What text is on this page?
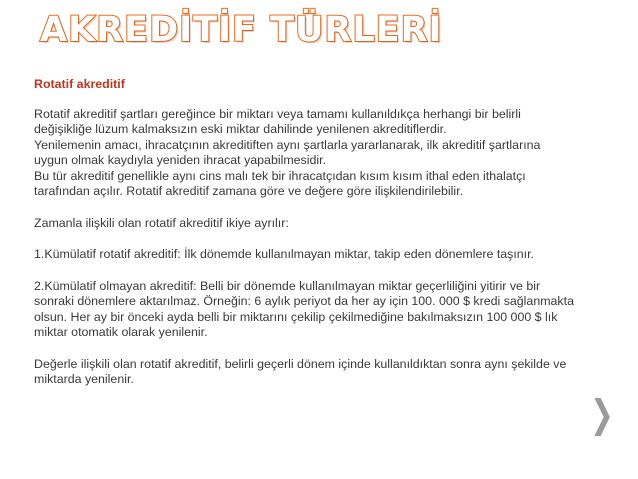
AKREDİTİF TÜRLERİ

Rotatif akreditif

Rotatif akreditif şartları gereğince bir miktarı veya tamamı kullanıldıkça herhangi bir belirli değişikliğe lüzum kalmaksızın eski miktar dahilinde yenilenen akreditiflerdir.

Yenilemenin amacı, ihracatçının akreditiften aynı şartlarla yararlanarak, ilk akreditif şartlarına uygun olmak kaydıyla yeniden ihracat yapabilmesidir.

Bu tür akreditif genellikle aynı cins malı tek bir ihracatçıdan kısım kısım ithal eden ithalatçı tarafından açılır. Rotatif akreditif zamana göre ve değere göre ilişkilendirilebilir.

Zamanla ilişkili olan rotatif akreditif ikiye ayrılır:

1.Kümülatif rotatif akreditif: İlk dönemde kullanılmayan miktar, takip eden dönemlere taşınır.

2.Kümülatif olmayan akreditif: Belli bir dönemde kullanılmayan miktar geçerliliğini yitirir ve bir sonraki dönemlere aktarılmaz. Örneğin: 6 aylık periyot da her ay için 100. 000 $ kredi sağlanmakta olsun. Her ay bir önceki ayda belli bir miktarını çekilip çekilmediğine bakılmaksızın 100 000 $ lık miktar otomatik olarak yenilenir.

Değerle ilişkili olan rotatif akreditif, belirli geçerli dönem içinde kullanıldıktan sonra aynı şekilde ve miktarda yenilenir.

❯
